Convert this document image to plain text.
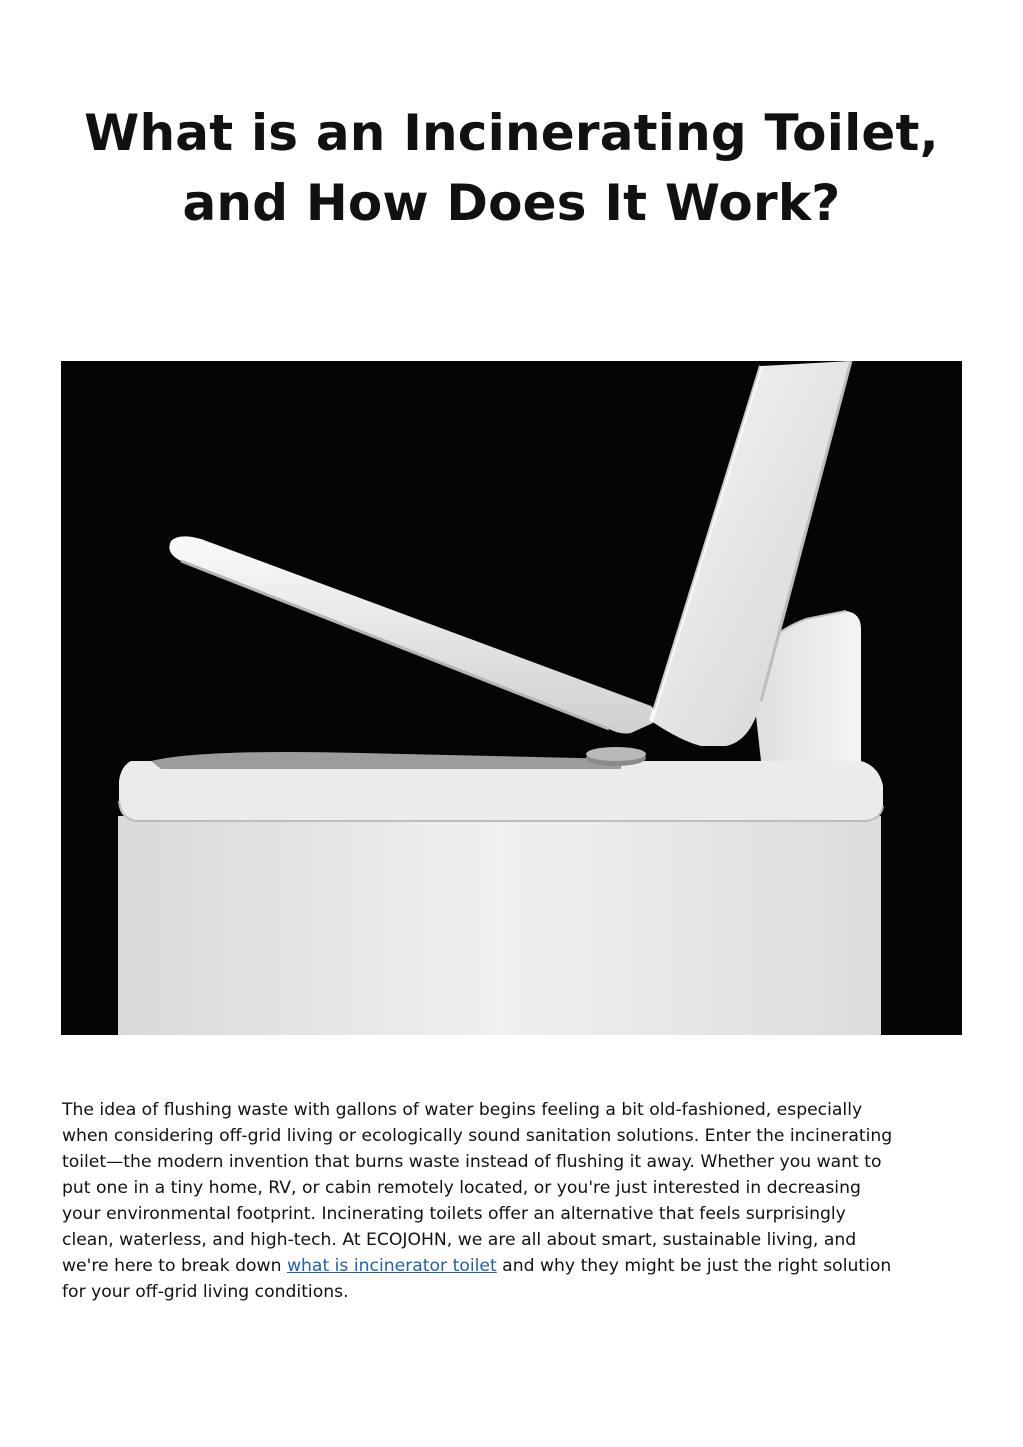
What is an Incinerating Toilet,
and How Does It Work?

The idea of flushing waste with gallons of water begins feeling a bit old-fashioned, especially
when considering off-grid living or ecologically sound sanitation solutions. Enter the incinerating
toilet—the modern invention that burns waste instead of flushing it away. Whether you want to
put one in a tiny home, RV, or cabin remotely located, or you're just interested in decreasing
your environmental footprint. Incinerating toilets offer an alternative that feels surprisingly
clean, waterless, and high-tech. At ECOJOHN, we are all about smart, sustainable living, and
we're here to break down what is incinerator toilet and why they might be just the right solution
for your off-grid living conditions.
